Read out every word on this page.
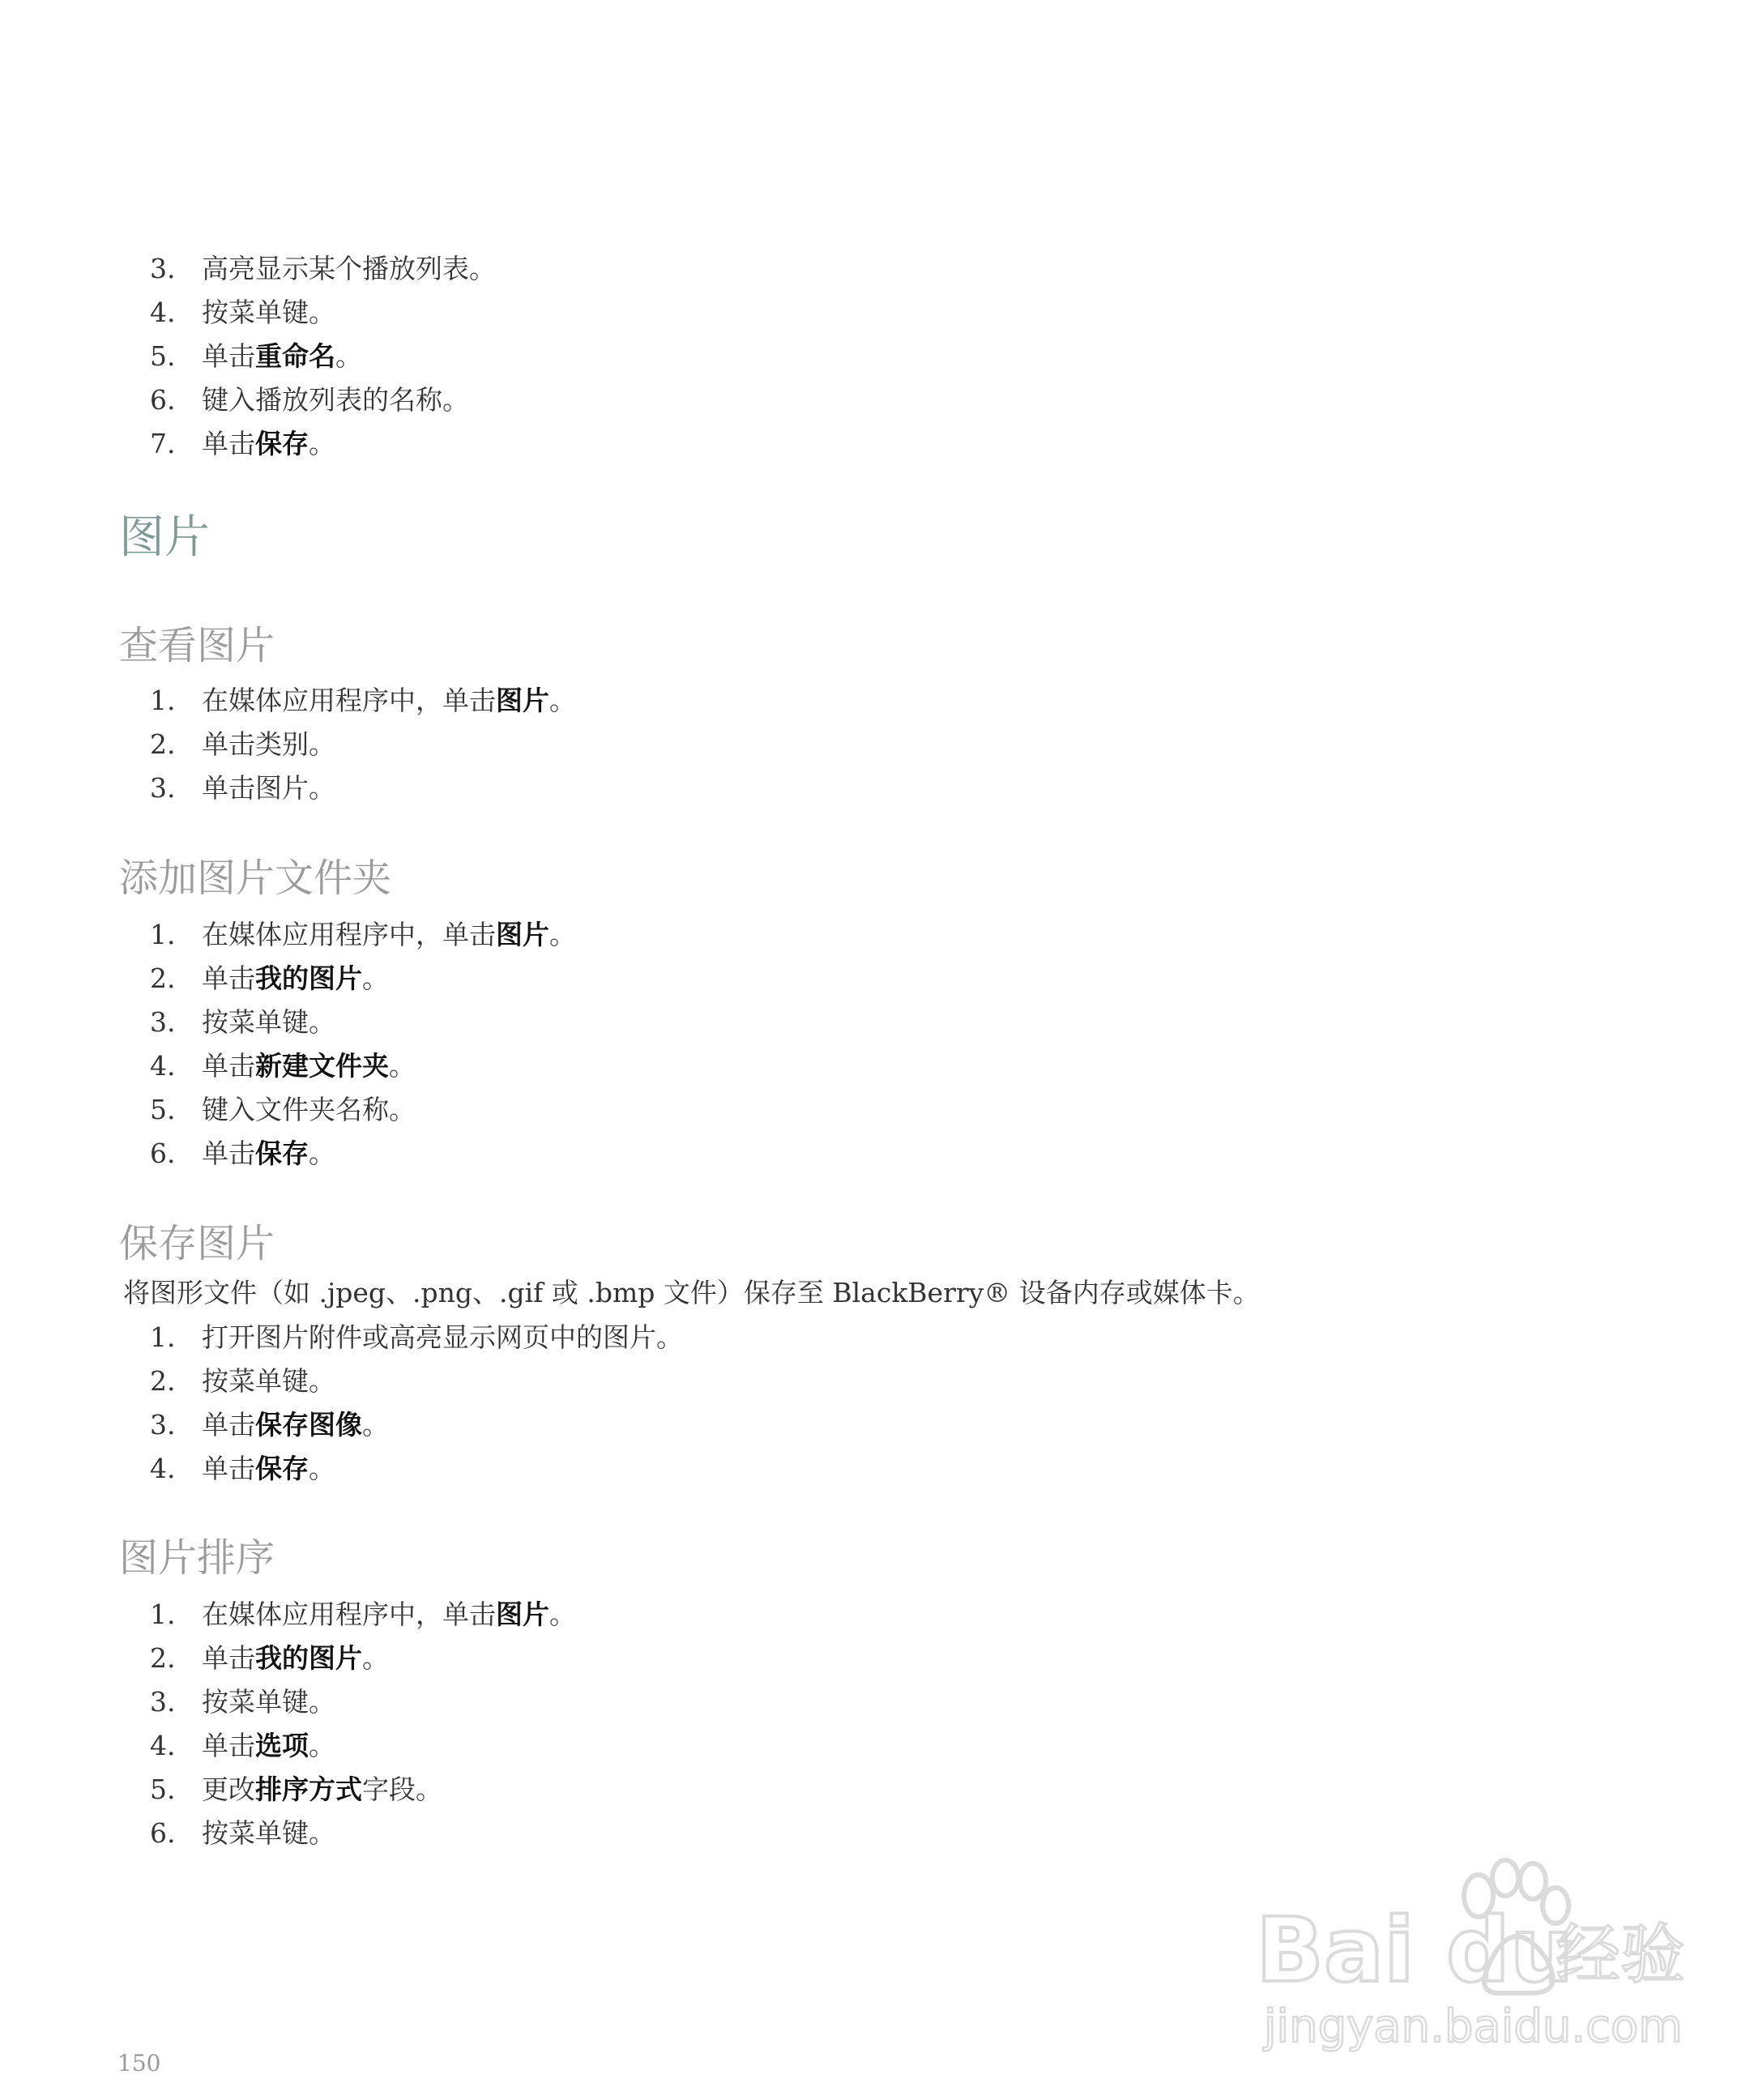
3. 高亮显示某个播放列表。
4. 按菜单键。
5. 单击重命名。
6. 键入播放列表的名称。
7. 单击保存。
图片
查看图片
1. 在媒体应用程序中，单击图片。
2. 单击类别。
3. 单击图片。
添加图片文件夹
1. 在媒体应用程序中，单击图片。
2. 单击我的图片。
3. 按菜单键。
4. 单击新建文件夹。
5. 键入文件夹名称。
6. 单击保存。
保存图片
将图形文件（如 .jpeg、.png、.gif 或 .bmp 文件）保存至 BlackBerry® 设备内存或媒体卡。
1. 打开图片附件或高亮显示网页中的图片。
2. 按菜单键。
3. 单击保存图像。
4. 单击保存。
图片排序
1. 在媒体应用程序中，单击图片。
2. 单击我的图片。
3. 按菜单键。
4. 单击选项。
5. 更改排序方式字段。
6. 按菜单键。
150
Bai du
经验
jingyan.baidu.com
